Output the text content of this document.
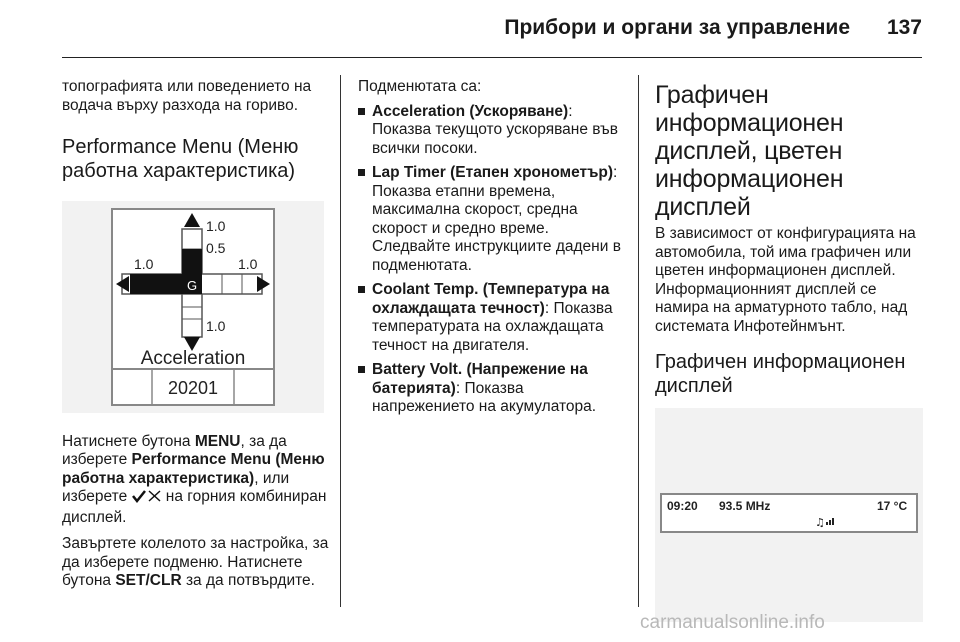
Прибори и органи за управление 137

топографията или поведението на водача върху разхода на гориво.

Performance Menu (Меню работна характеристика)
1.0
0.5
1.0	1.0
1.0
G
Acceleration
20201

Натиснете бутона MENU, за да изберете Performance Menu (Меню работна характеристика), или изберете  на горния комбиниран дисплей.

Завъртете колелото за настройка, за да изберете подменю. Натиснете бутона SET/CLR за да потвърдите.

Подменютата са:

Acceleration (Ускоряване): Показва текущото ускоряване във всички посоки.
Lap Timer (Етапен хронометър): Показва етапни времена, максимална скорост, средна скорост и средно време. Следвайте инструкциите дадени в подменютата.
Coolant Temp. (Температура на охлаждащата течност): Показва температурата на охлаждащата течност на двигателя.
Battery Volt. (Напрежение на батерията): Показва напрежението на акумулатора.
Графичен информационен дисплей, цветен информационен дисплей

В зависимост от конфигурацията на автомобила, той има графичен или цветен информационен дисплей. Информационният дисплей се намира на арматурното табло, над системата Инфотейнмънт.

Графичен информационен дисплей
09:20 93.5 MHz	17 °C
♫
carmanualsonline.info
